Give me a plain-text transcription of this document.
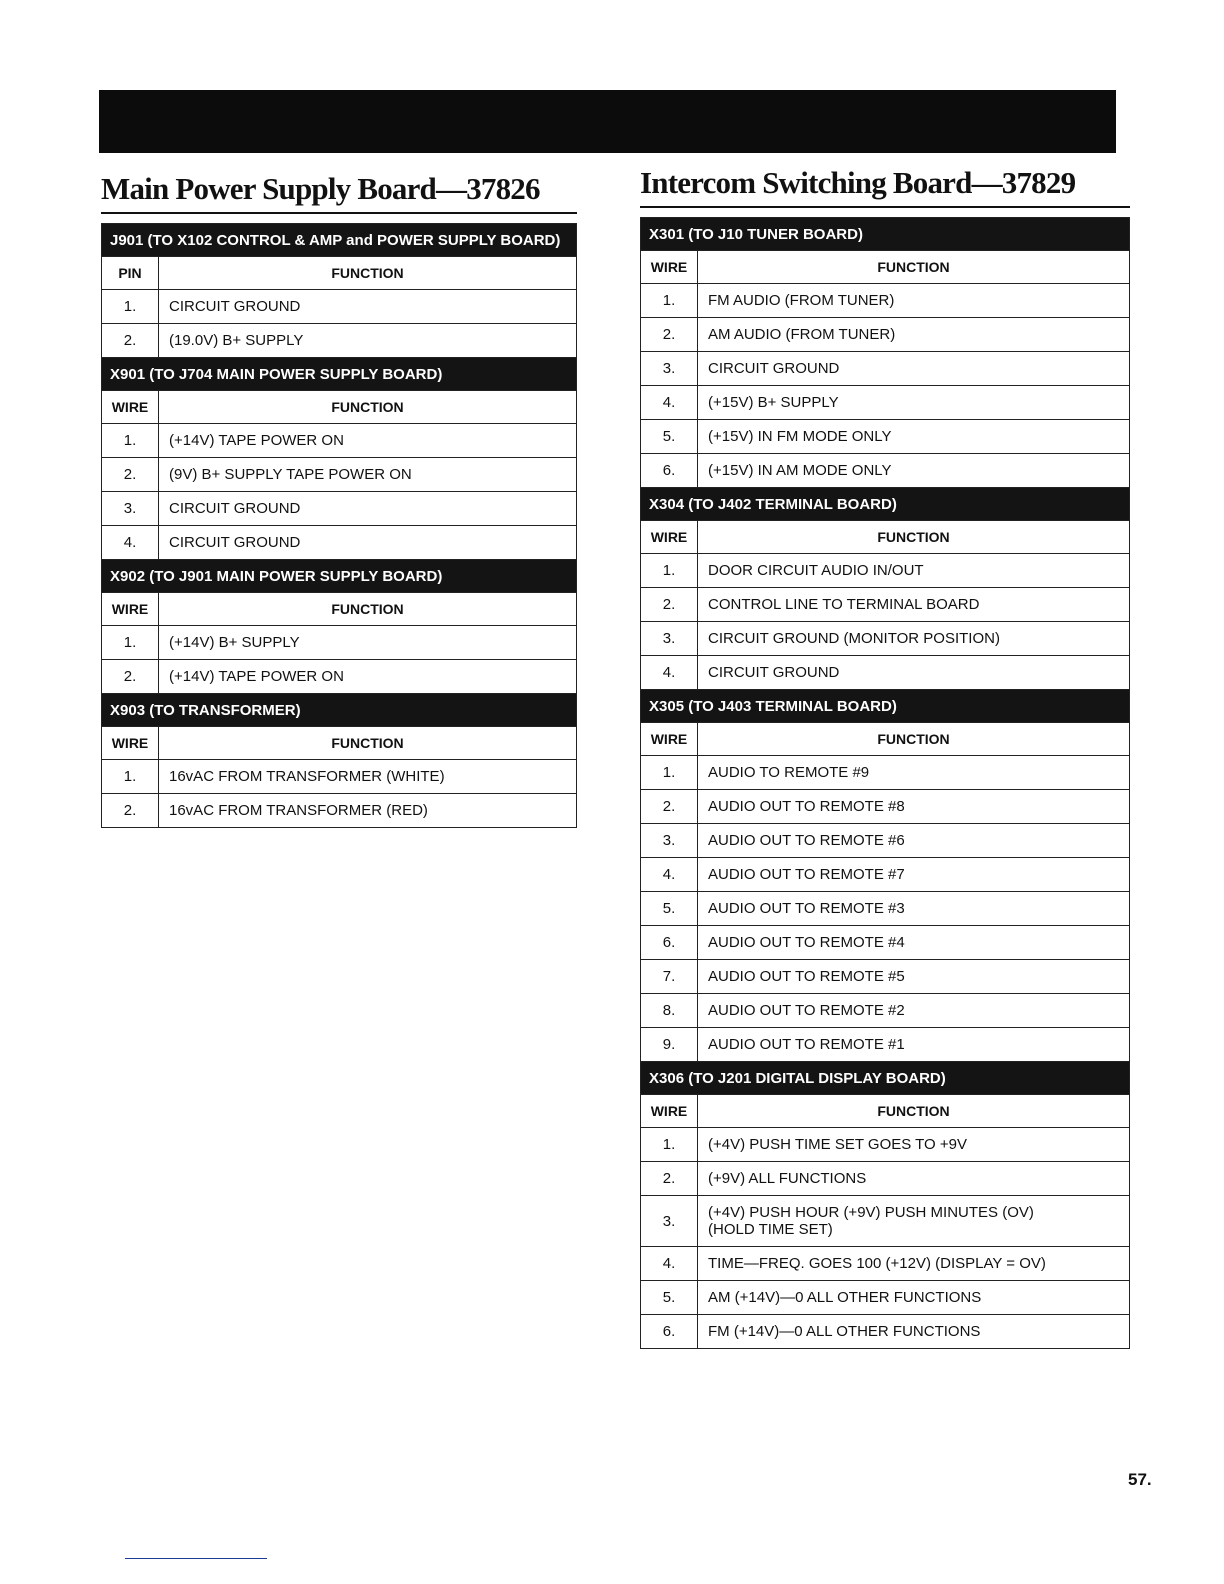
Main Power Supply Board—37826
J901 (TO X102 CONTROL & AMP and POWER SUPPLY BOARD)	
PIN	FUNCTION
1.	CIRCUIT GROUND

2.	(19.0V) B+ SUPPLY

X901 (TO J704 MAIN POWER SUPPLY BOARD)	
WIRE	FUNCTION
1.	(+14V) TAPE POWER ON

2.	(9V) B+ SUPPLY TAPE POWER ON

3.	CIRCUIT GROUND

4.	CIRCUIT GROUND

X902 (TO J901 MAIN POWER SUPPLY BOARD)	
WIRE	FUNCTION
1.	(+14V) B+ SUPPLY

2.	(+14V) TAPE POWER ON

X903 (TO TRANSFORMER)	
WIRE	FUNCTION
1.	16vAC FROM TRANSFORMER (WHITE)

2.	16vAC FROM TRANSFORMER (RED)
Intercom Switching Board—37829
X301 (TO J10 TUNER BOARD)	
WIRE	FUNCTION
1.	FM AUDIO (FROM TUNER)

2.	AM AUDIO (FROM TUNER)

3.	CIRCUIT GROUND

4.	(+15V) B+ SUPPLY

5.	(+15V) IN FM MODE ONLY

6.	(+15V) IN AM MODE ONLY

X304 (TO J402 TERMINAL BOARD)	
WIRE	FUNCTION
1.	DOOR CIRCUIT AUDIO IN/OUT

2.	CONTROL LINE TO TERMINAL BOARD

3.	CIRCUIT GROUND (MONITOR POSITION)

4.	CIRCUIT GROUND

X305 (TO J403 TERMINAL BOARD)	
WIRE	FUNCTION
1.	AUDIO TO REMOTE #9

2.	AUDIO OUT TO REMOTE #8

3.	AUDIO OUT TO REMOTE #6

4.	AUDIO OUT TO REMOTE #7

5.	AUDIO OUT TO REMOTE #3

6.	AUDIO OUT TO REMOTE #4

7.	AUDIO OUT TO REMOTE #5

8.	AUDIO OUT TO REMOTE #2

9.	AUDIO OUT TO REMOTE #1

X306 (TO J201 DIGITAL DISPLAY BOARD)	
WIRE	FUNCTION
1.	(+4V) PUSH TIME SET GOES TO +9V

2.	(+9V) ALL FUNCTIONS

3.	(+4V) PUSH HOUR (+9V) PUSH MINUTES (OV)
(HOLD TIME SET)

4.	TIME—FREQ. GOES 100 (+12V) (DISPLAY = OV)

5.	AM (+14V)—0 ALL OTHER FUNCTIONS

6.	FM (+14V)—0 ALL OTHER FUNCTIONS
57.
